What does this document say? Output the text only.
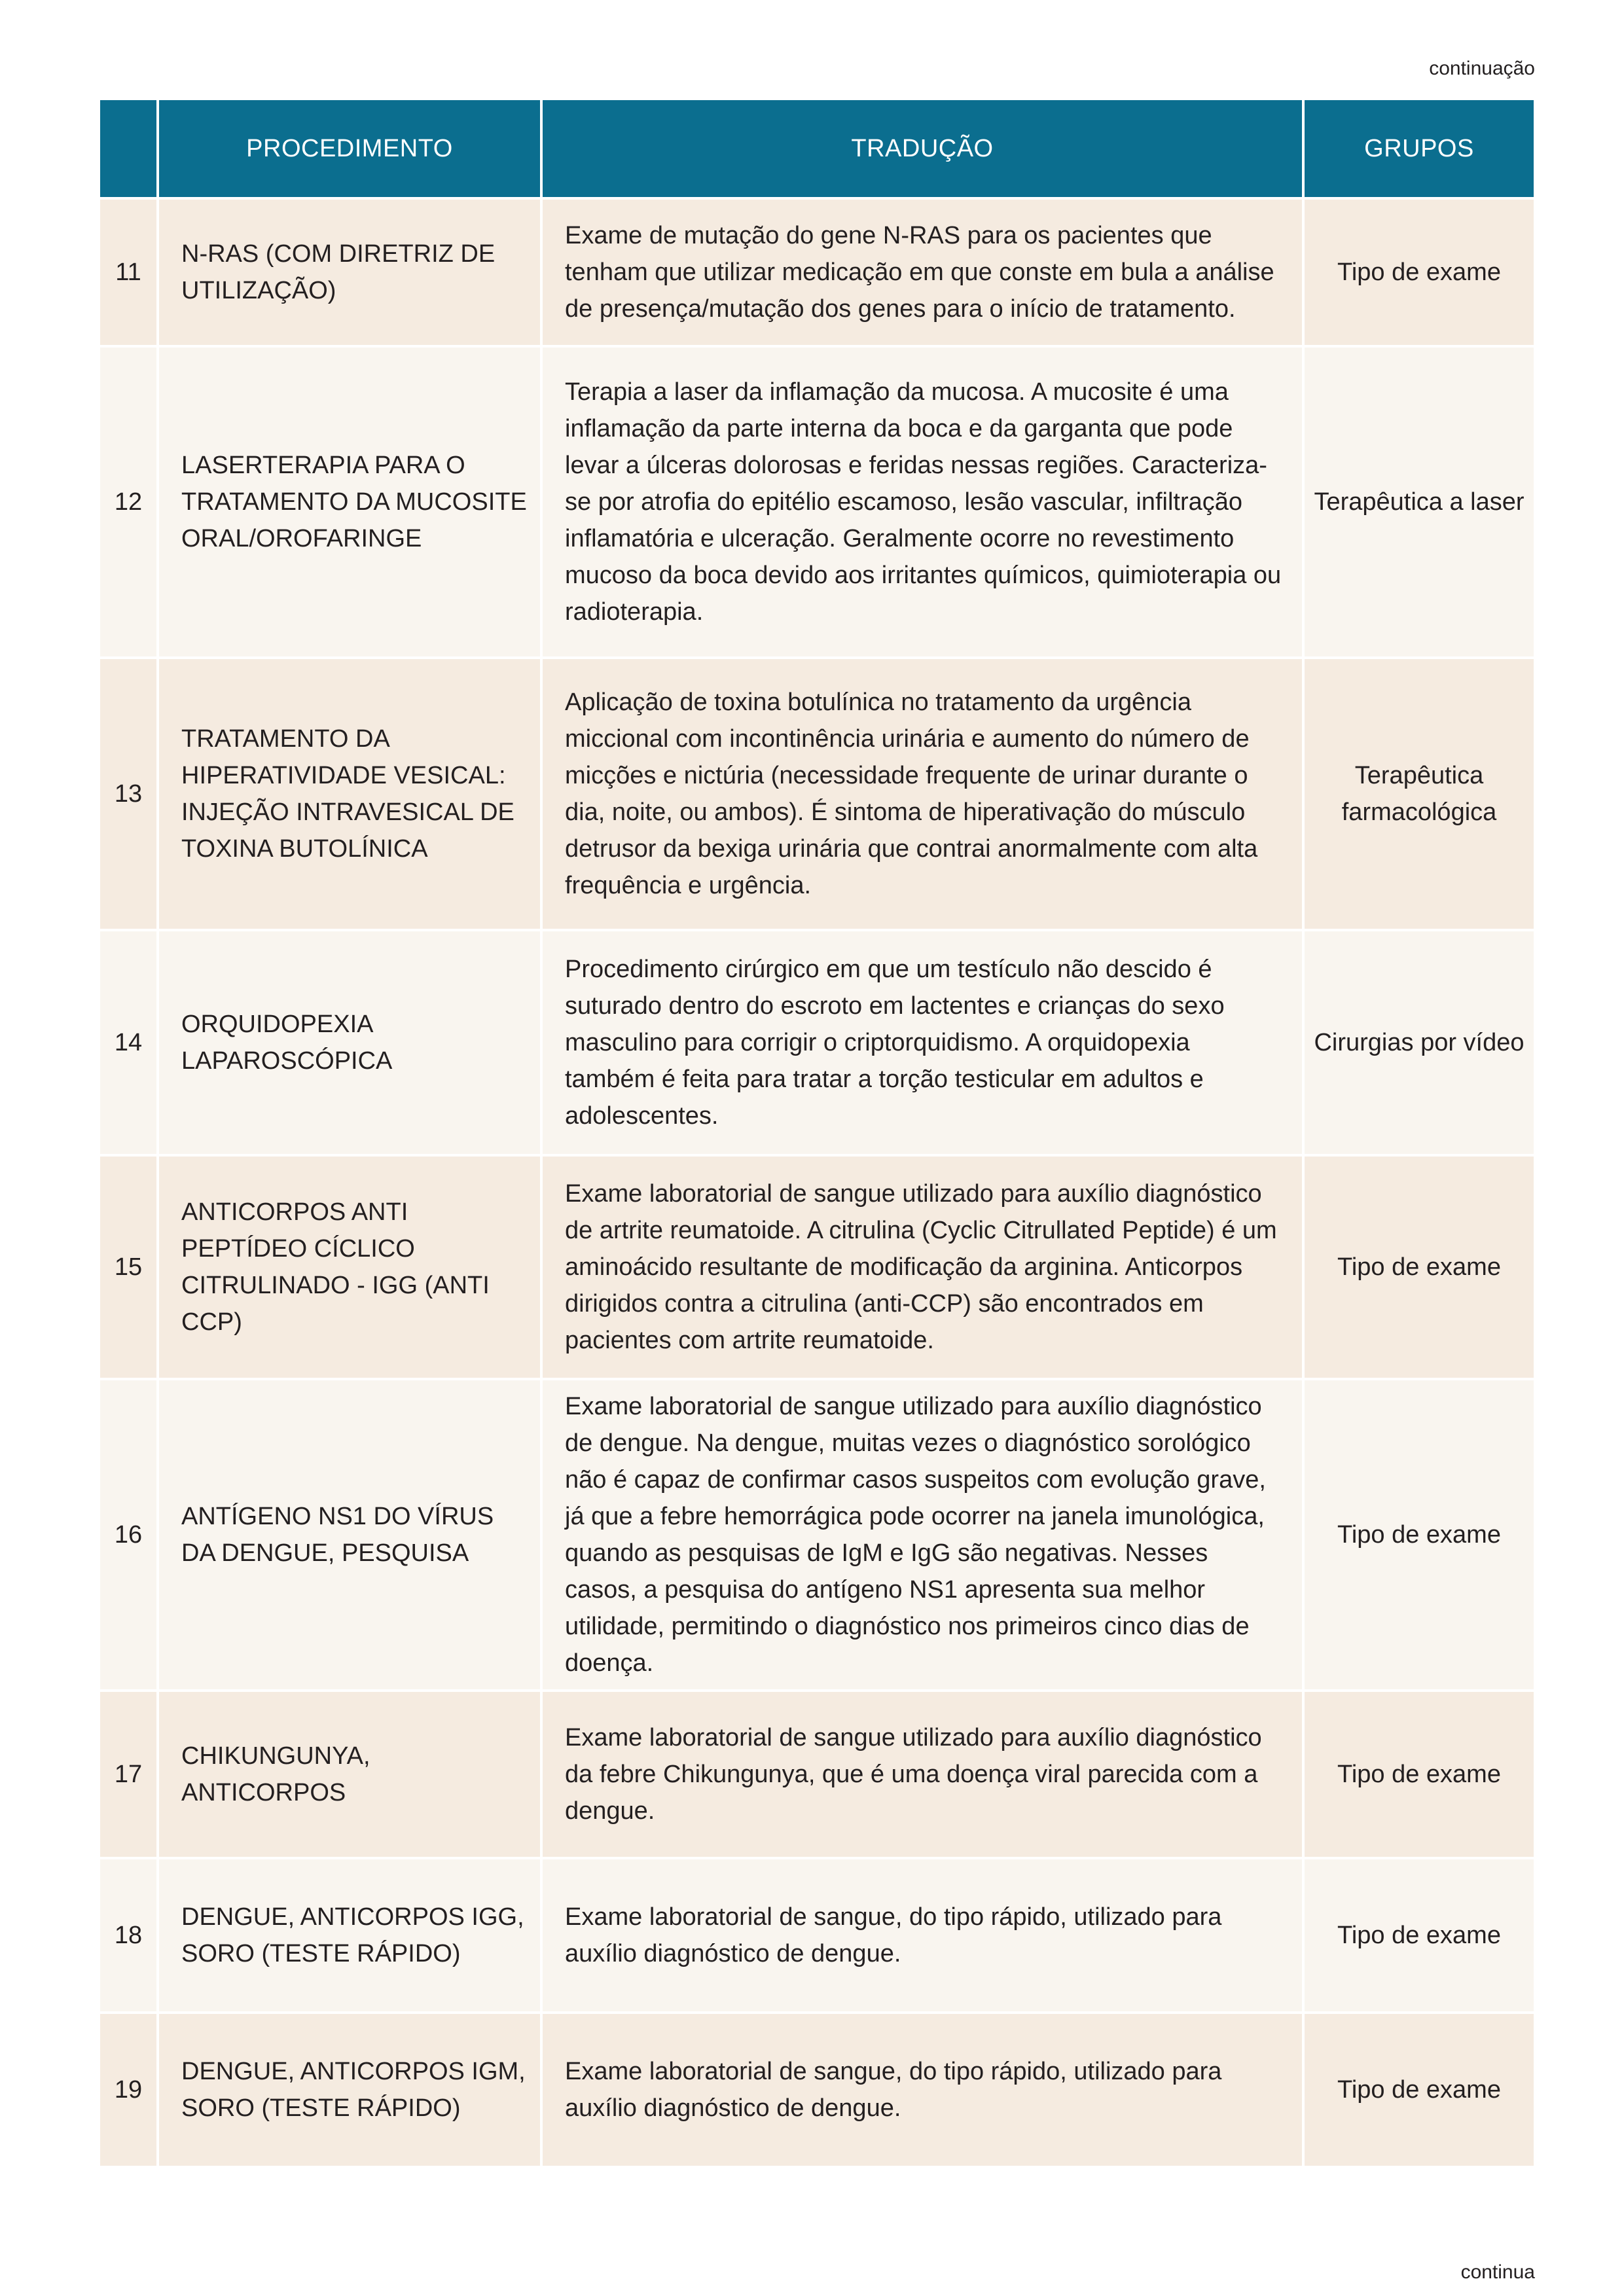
continuação
	PROCEDIMENTO	TRADUÇÃO	GRUPOS
11	N-RAS (COM DIRETRIZ DE UTILIZAÇÃO)	Exame de mutação do gene N-RAS para os pacientes que tenham que utilizar medicação em que conste em bula a análise de presença/mutação dos genes para o início de tratamento.	Tipo de exame
12	LASERTERAPIA PARA O TRATAMENTO DA MUCOSITE ORAL/OROFARINGE	Terapia a laser da inflamação da mucosa. A mucosite é uma inflamação da parte interna da boca e da garganta que pode levar a úlceras dolorosas e feridas nessas regiões. Caracteriza-se por atrofia do epitélio escamoso, lesão vascular, infiltração inflamatória e ulceração. Geralmente ocorre no revestimento mucoso da boca devido aos irritantes químicos, quimioterapia ou radioterapia.	Terapêutica a laser
13	TRATAMENTO DA HIPERATIVIDADE VESICAL: INJEÇÃO INTRAVESICAL DE TOXINA BUTOLÍNICA	Aplicação de toxina botulínica no tratamento da urgência miccional com incontinência urinária e aumento do número de micções e nictúria (necessidade frequente de urinar durante o dia, noite, ou ambos). É sintoma de hiperativação do músculo detrusor da bexiga urinária que contrai anormalmente com alta frequência e urgência.	Terapêutica farmacológica
14	ORQUIDOPEXIA LAPAROSCÓPICA	Procedimento cirúrgico em que um testículo não descido é suturado dentro do escroto em lactentes e crianças do sexo masculino para corrigir o criptorquidismo. A orquidopexia também é feita para tratar a torção testicular em adultos e adolescentes.	Cirurgias por vídeo
15	ANTICORPOS ANTI PEPTÍDEO CÍCLICO CITRULINADO - IGG (ANTI CCP)	Exame laboratorial de sangue utilizado para auxílio diagnóstico de artrite reumatoide. A citrulina (Cyclic Citrullated Peptide) é um aminoácido resultante de modificação da arginina. Anticorpos dirigidos contra a citrulina (anti-CCP) são encontrados em pacientes com artrite reumatoide.	Tipo de exame
16	ANTÍGENO NS1 DO VÍRUS DA DENGUE, PESQUISA	Exame laboratorial de sangue utilizado para auxílio diagnóstico de dengue. Na dengue, muitas vezes o diagnóstico sorológico não é capaz de confirmar casos suspeitos com evolução grave, já que a febre hemorrágica pode ocorrer na janela imunológica, quando as pesquisas de IgM e IgG são negativas. Nesses casos, a pesquisa do antígeno NS1 apresenta sua melhor utilidade, permitindo o diagnóstico nos primeiros cinco dias de doença.	Tipo de exame
17	CHIKUNGUNYA, ANTICORPOS	Exame laboratorial de sangue utilizado para auxílio diagnóstico da febre Chikungunya, que é uma doença viral parecida com a dengue.	Tipo de exame
18	DENGUE, ANTICORPOS IGG, SORO (TESTE RÁPIDO)	Exame laboratorial de sangue, do tipo rápido, utilizado para auxílio diagnóstico de dengue.	Tipo de exame
19	DENGUE, ANTICORPOS IGM, SORO (TESTE RÁPIDO)	Exame laboratorial de sangue, do tipo rápido, utilizado para auxílio diagnóstico de dengue.	Tipo de exame
continua
